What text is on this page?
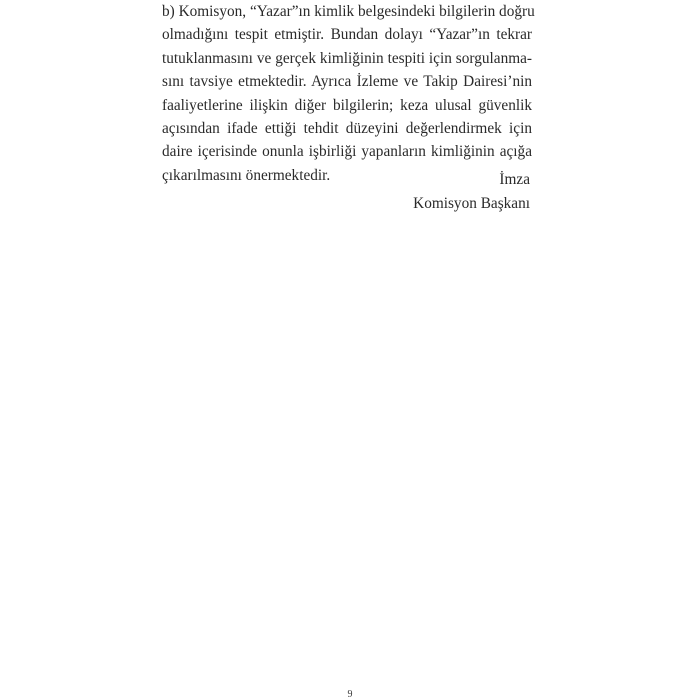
b) Komisyon, “Yazar”ın kimlik belgesindeki bilgilerin doğru
olmadığını tespit etmiştir. Bundan dolayı “Yazar”ın tekrar
tutuklanmasını ve gerçek kimliğinin tespiti için sorgulanma-
sını tavsiye etmektedir. Ayrıca İzleme ve Takip Dairesi’nin
faaliyetlerine ilişkin diğer bilgilerin; keza ulusal güvenlik
açısından ifade ettiği tehdit düzeyini değerlendirmek için
daire içerisinde onunla işbirliği yapanların kimliğinin açığa
çıkarılmasını önermektedir.	İmza
Komisyon Başkanı
9
